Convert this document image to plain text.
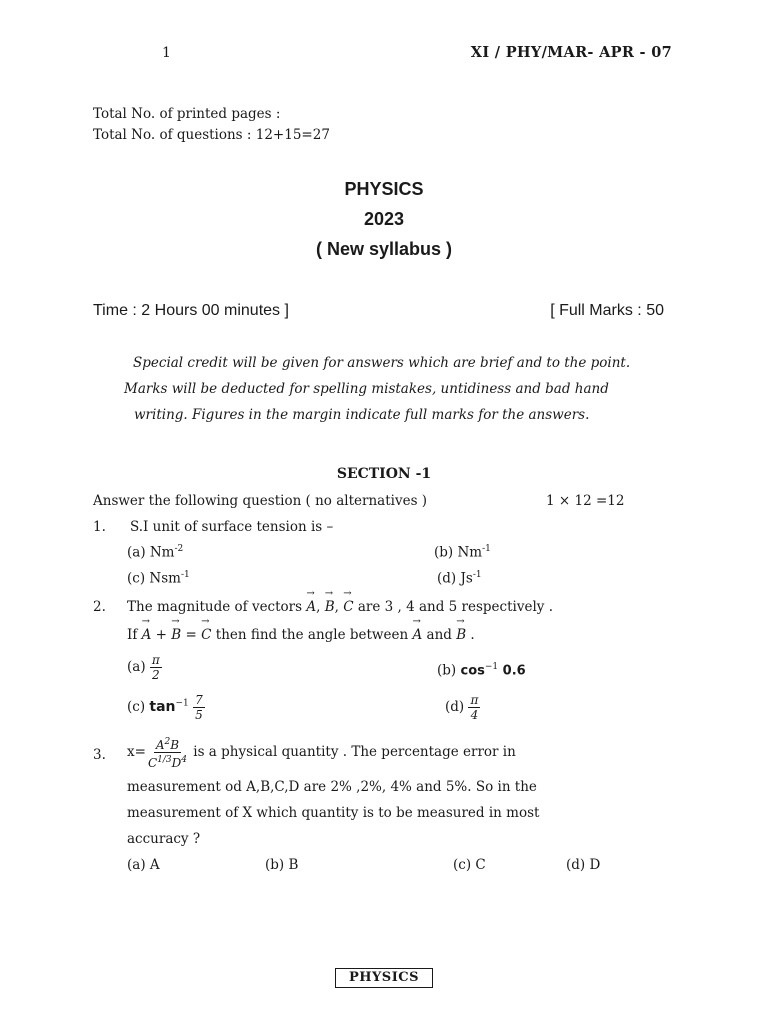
1	XI / PHY/MAR- APR - 07
Total No. of printed pages :
Total No. of questions : 12+15=27
PHYSICS
2023
( New syllabus )
Time : 2 Hours 00 minutes ]	[ Full Marks : 50
Special credit will be given for answers which are brief and to the point.
Marks will be deducted for spelling mistakes, untidiness and bad hand
writing. Figures in the margin indicate full marks for the answers.
SECTION -1
Answer the following question ( no alternatives )	1 × 12 =12
1. S.I unit of surface tension is –
(a) $Nm^{-2}$	(b) $Nm^{-1}$
(c) Nsm$^{-1}$	(d) $Js^{-1}$
2. The magnitude of vectors → A, → B, → C are 3 , 4 and 5 respectively .
If → A + → B = → C then find the angle between → A and → B .
$(a) \frac{\pi}{2}$	(b) $\cos^{-1} 0.6$
(c) $\tan^{-1} \frac{7}{5}$	$(d) \frac{\pi}{4}$
3. $x= \frac{A^2B}{C^{1/3}D^4}$ is a physical quantity . The percentage error in
measurement od A,B,C,D are 2% ,2%, 4% and 5%. So in the
measurement of X which quantity is to be measured in most
accuracy ?
(a) A	(b) B	(c) C	(d) D
PHYSICS
